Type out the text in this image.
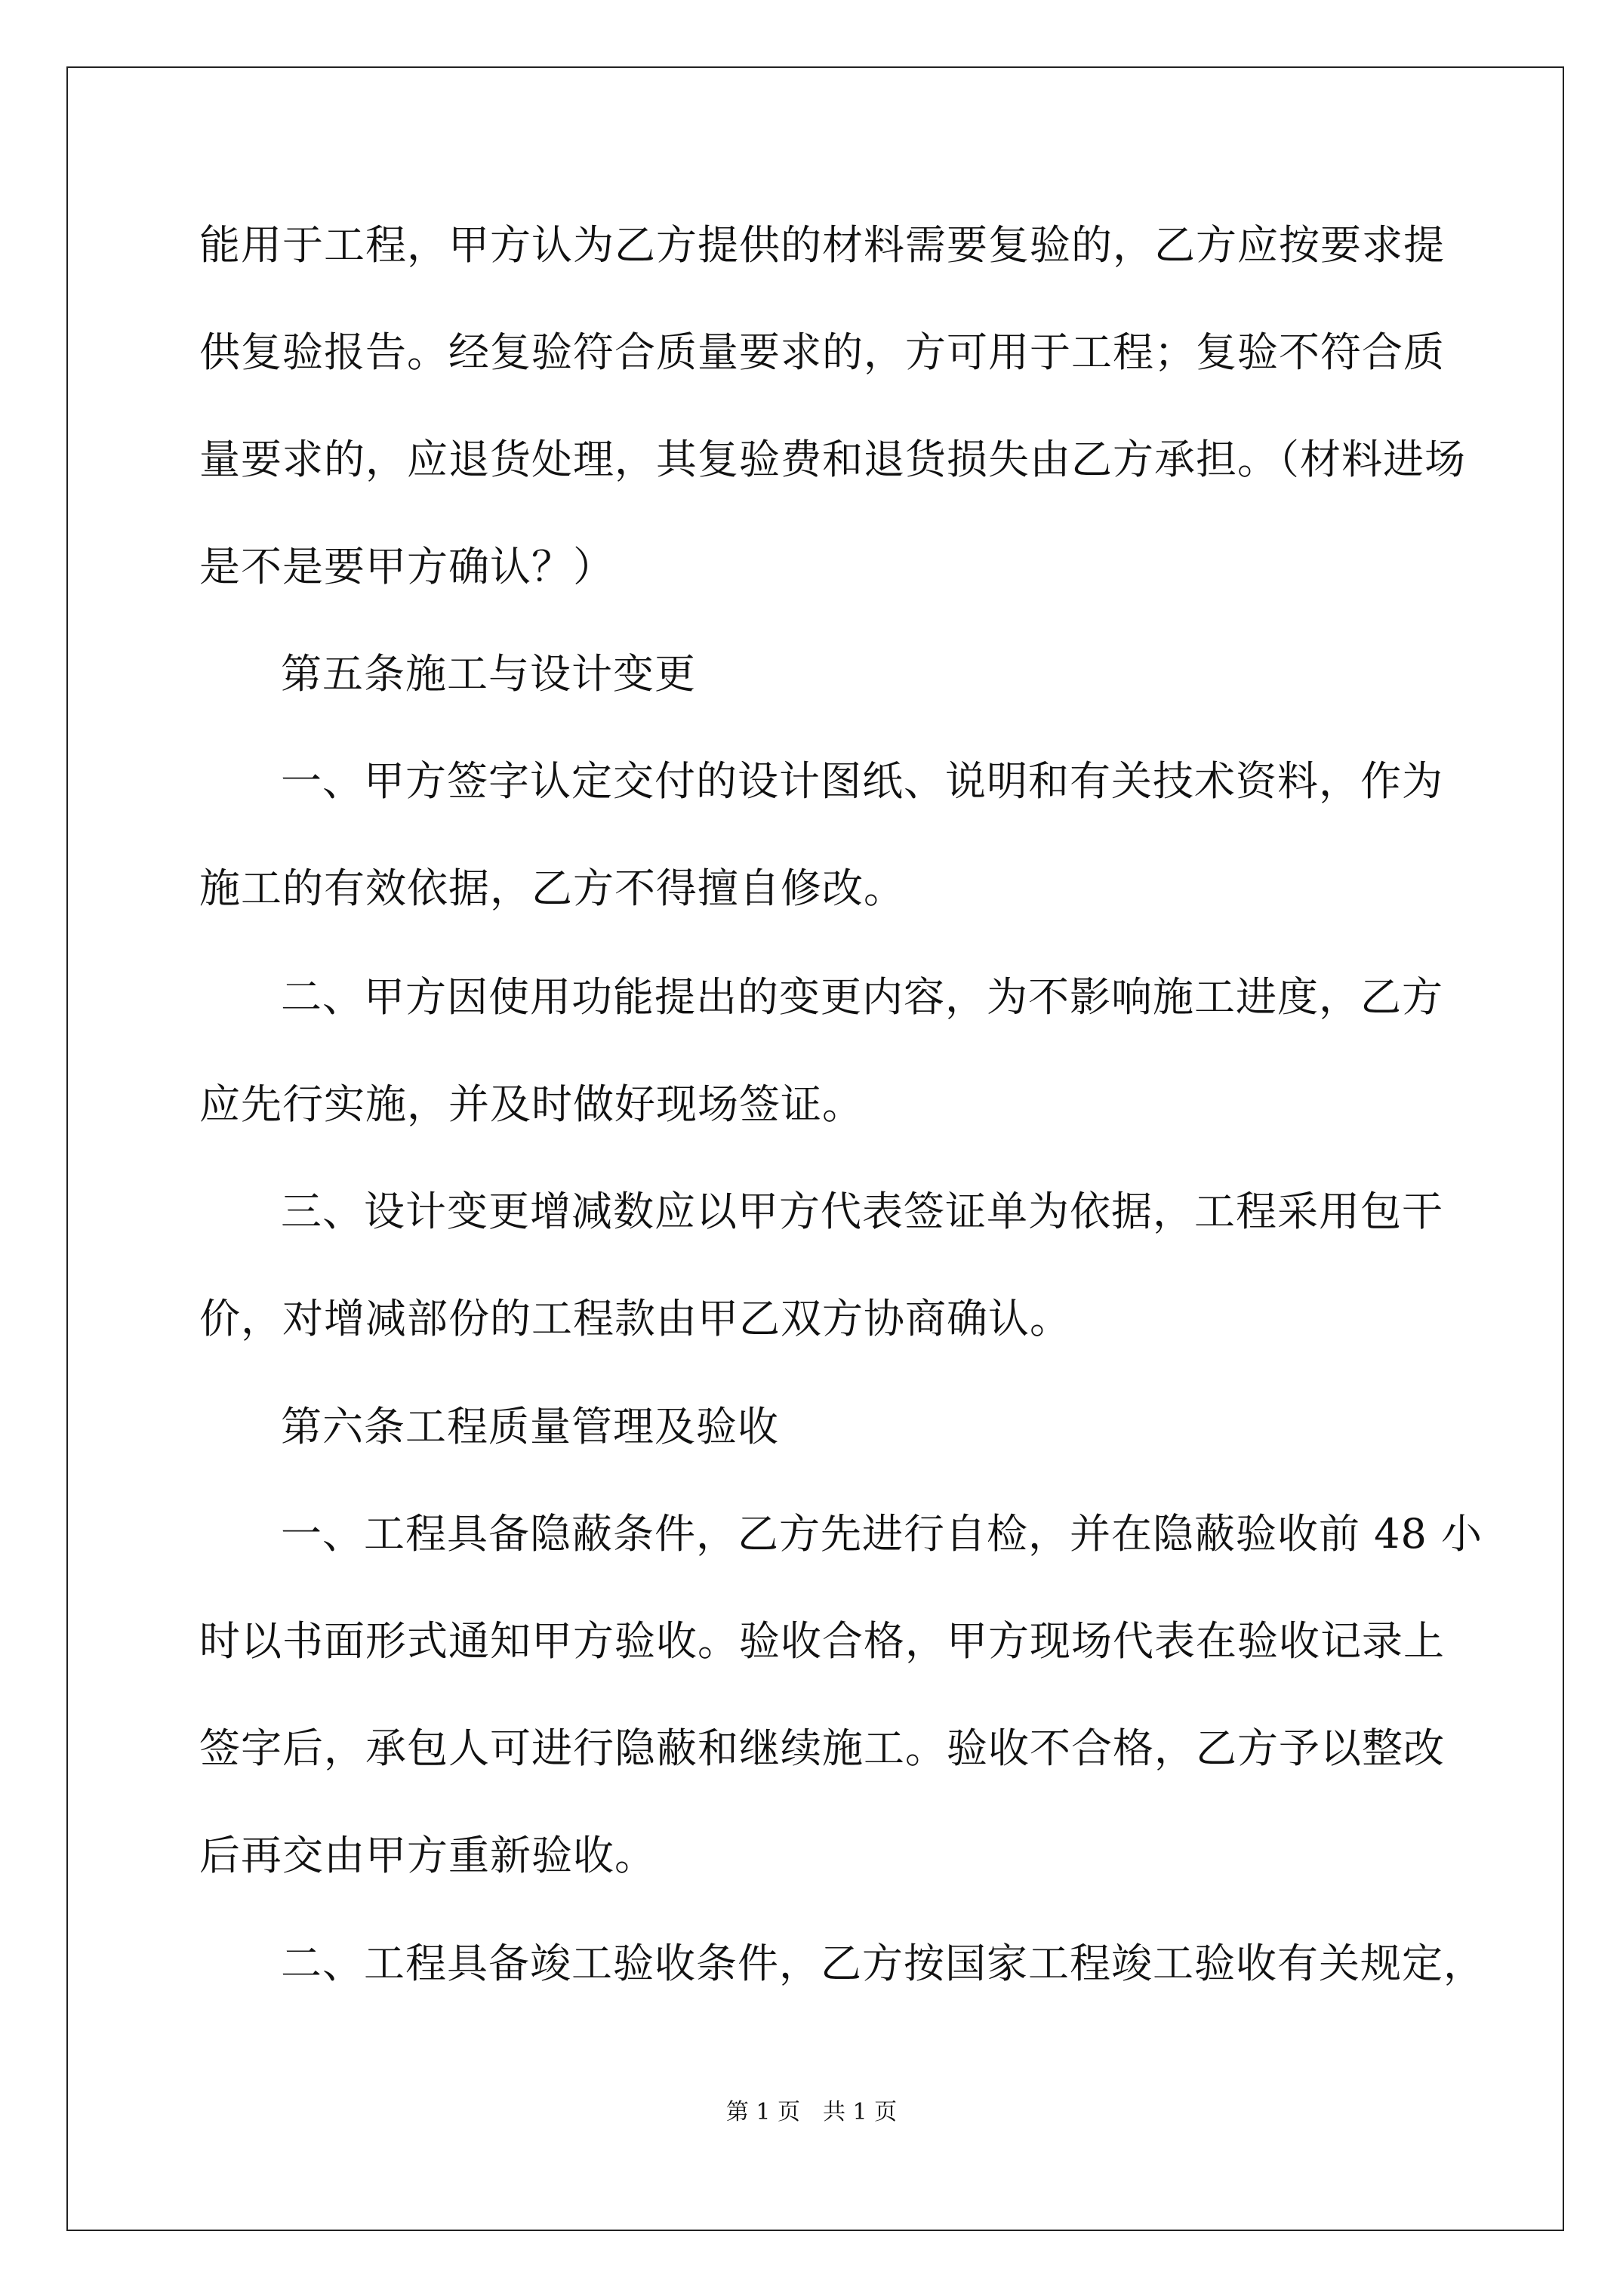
能用于工程，甲方认为乙方提供的材料需要复验的，乙方应按要求提
供复验报告。经复验符合质量要求的，方可用于工程；复验不符合质
量要求的，应退货处理，其复验费和退货损失由乙方承担。（材料进场
是不是要甲方确认？）
第五条施工与设计变更
一、甲方签字认定交付的设计图纸、说明和有关技术资料，作为
施工的有效依据，乙方不得擅自修改。
二、甲方因使用功能提出的变更内容，为不影响施工进度，乙方
应先行实施，并及时做好现场签证。
三、设计变更增减数应以甲方代表签证单为依据，工程采用包干
价，对增减部份的工程款由甲乙双方协商确认。
第六条工程质量管理及验收
一、工程具备隐蔽条件，乙方先进行自检，并在隐蔽验收前 48 小
时以书面形式通知甲方验收。验收合格，甲方现场代表在验收记录上
签字后，承包人可进行隐蔽和继续施工。验收不合格，乙方予以整改
后再交由甲方重新验收。
二、工程具备竣工验收条件，乙方按国家工程竣工验收有关规定，
第 1 页　共 1 页
